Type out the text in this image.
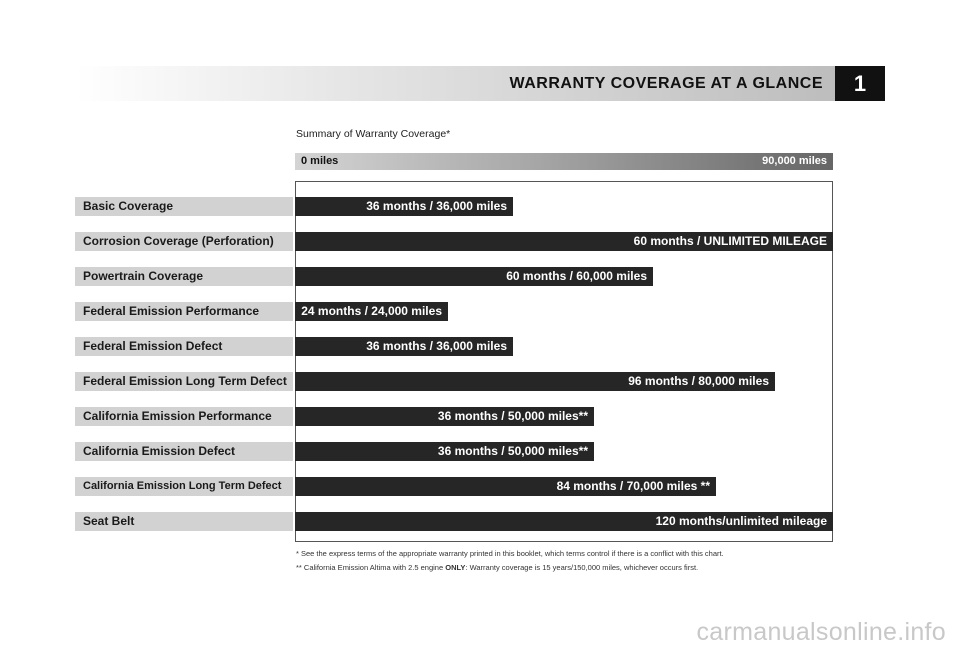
WARRANTY COVERAGE AT A GLANCE	1
Summary of Warranty Coverage*
0 miles	90,000 miles
Basic Coverage	36 months / 36,000 miles
Corrosion Coverage (Perforation)	60 months / UNLIMITED MILEAGE
Powertrain Coverage	60 months / 60,000 miles
Federal Emission Performance	24 months / 24,000 miles
Federal Emission Defect	36 months / 36,000 miles
Federal Emission Long Term Defect	96 months / 80,000 miles
California Emission Performance	36 months / 50,000 miles**
California Emission Defect	36 months / 50,000 miles**
California Emission Long Term Defect	84 months / 70,000 miles **
Seat Belt	120 months/unlimited mileage
* See the express terms of the appropriate warranty printed in this booklet, which terms control if there is a conflict with this chart.
** California Emission Altima with 2.5 engine ONLY: Warranty coverage is 15 years/150,000 miles, whichever occurs first.
carmanualsonline.info
